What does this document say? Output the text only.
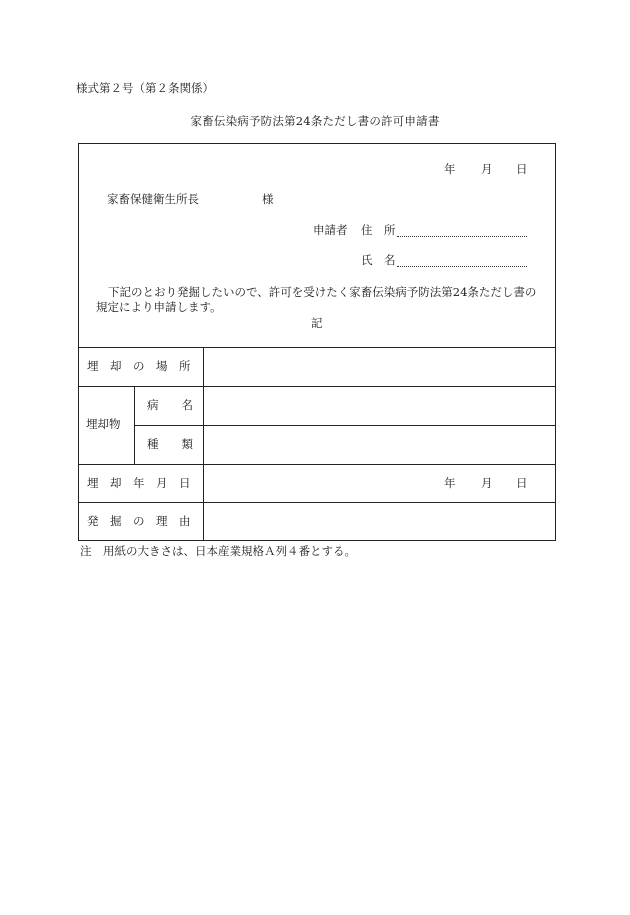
様式第２号（第２条関係）
家畜伝染病予防法第24条ただし書の許可申請書
年 月 日
家畜保健衛生所長	様
申請者 住　所
氏　名
下記のとおり発掘したいので、許可を受けたく家畜伝染病予防法第24条ただし書の
規定により申請します。
記
埋　却　の　場　所
埋却物
病　　名
種　　類
埋　却　年　月　日	年 月 日
発　掘　の　理　由
注　用紙の大きさは、日本産業規格Ａ列４番とする。
